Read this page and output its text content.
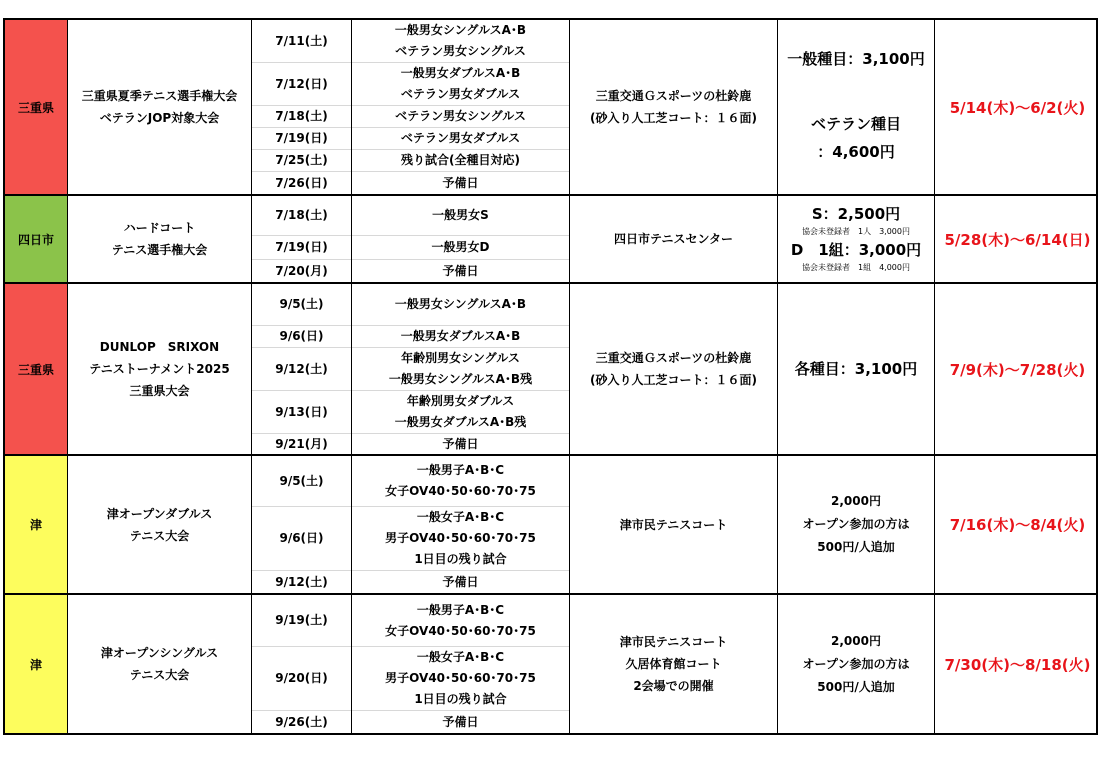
三重県
三重県夏季テニス選手権大会
ベテランJOP対象大会
7/11(土)
7/12(日)
7/18(土)
7/19(日)
7/25(土)
7/26(日)
一般男女シングルスA･B
ベテラン男女シングルス
一般男女ダブルスA･B
ベテラン男女ダブルス
ベテラン男女シングルス
ベテラン男女ダブルス
残り試合(全種目対応)
予備日
三重交通Ｇスポーツの杜鈴鹿
(砂入り人工芝コート：１６面)
一般種目：3,100円
ベテラン種目
：4,600円
5/14(木)～6/2(火)
四日市
ハードコート
テニス選手権大会
7/18(土)
7/19(日)
7/20(月)
一般男女S
一般男女D
予備日
四日市テニスセンター
S：2,500円
協会未登録者　1人　3,000円
D　1組：3,000円
協会未登録者　1組　4,000円
5/28(木)～6/14(日)
三重県
DUNLOP　SRIXON
テニストーナメント2025
三重県大会
9/5(土)
9/6(日)
9/12(土)
9/13(日)
9/21(月)
一般男女シングルスA･B
一般男女ダブルスA･B
年齢別男女シングルス
一般男女シングルスA･B残
年齢別男女ダブルス
一般男女ダブルスA･B残
予備日
三重交通Ｇスポーツの杜鈴鹿
(砂入り人工芝コート：１６面)
各種目：3,100円 7/9(木)～7/28(火)
津
津オープンダブルス
テニス大会
9/5(土)
9/6(日)
9/12(土)
一般男子A･B･C
女子OV40･50･60･70･75
一般女子A･B･C
男子OV40･50･60･70･75
1日目の残り試合
予備日
津市民テニスコート
2,000円
オープン参加の方は
500円/人追加
7/16(木)～8/4(火)
津
津オープンシングルス
テニス大会
9/19(土)
9/20(日)
9/26(土)
一般男子A･B･C
女子OV40･50･60･70･75
一般女子A･B･C
男子OV40･50･60･70･75
1日目の残り試合
予備日
津市民テニスコート
久居体育館コート
2会場での開催
2,000円
オープン参加の方は
500円/人追加
7/30(木)～8/18(火)
